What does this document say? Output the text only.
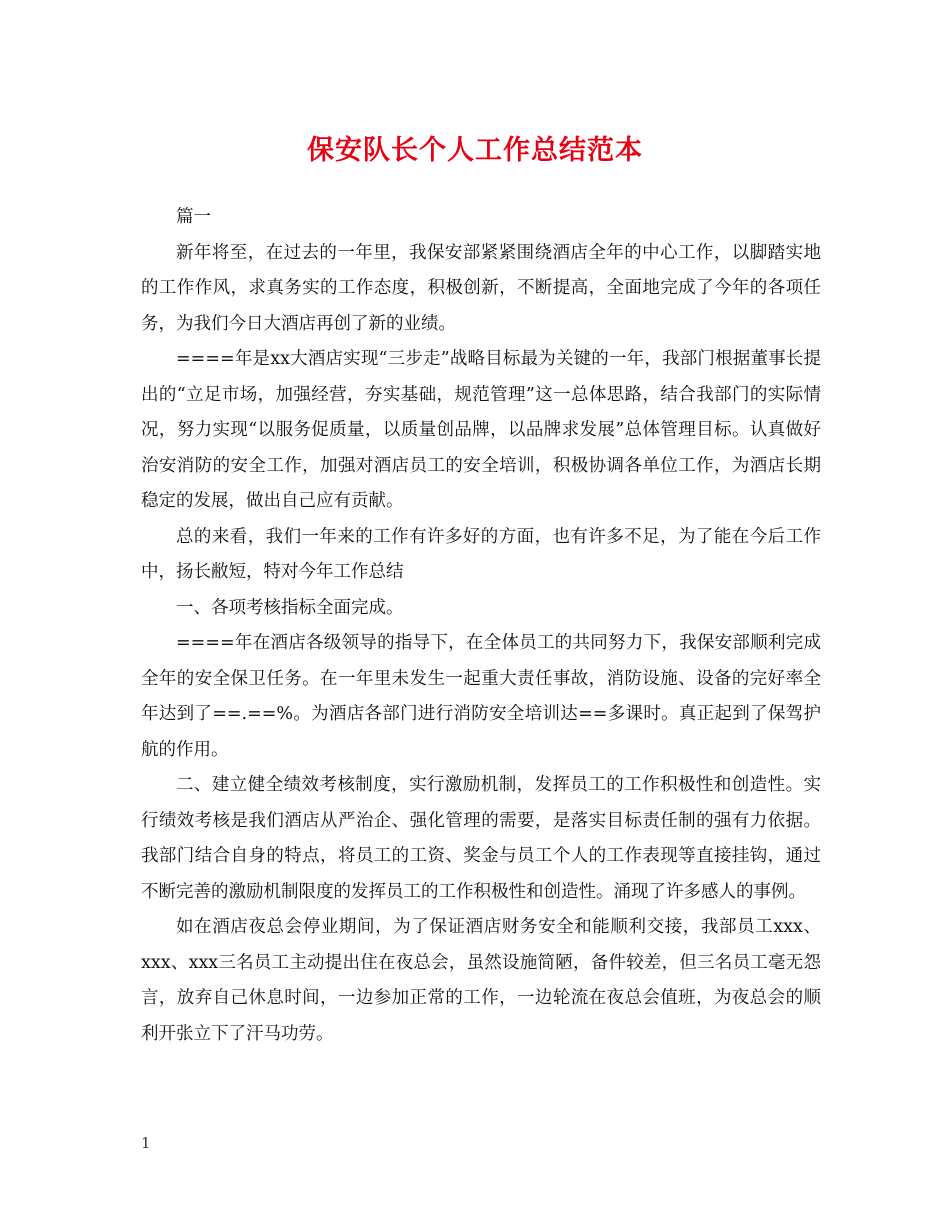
保安队长个人工作总结范本

篇一

新年将至，在过去的一年里，我保安部紧紧围绕酒店全年的中心工作，以脚踏实地的工作作风，求真务实的工作态度，积极创新，不断提高，全面地完成了今年的各项任务，为我们今日大酒店再创了新的业绩。

====年是xx大酒店实现“三步走”战略目标最为关键的一年，我部门根据董事长提出的“立足市场，加强经营，夯实基础，规范管理”这一总体思路，结合我部门的实际情况，努力实现“以服务促质量，以质量创品牌，以品牌求发展”总体管理目标。认真做好治安消防的安全工作，加强对酒店员工的安全培训，积极协调各单位工作，为酒店长期稳定的发展，做出自己应有贡献。

总的来看，我们一年来的工作有许多好的方面，也有许多不足，为了能在今后工作中，扬长敝短，特对今年工作总结

一、各项考核指标全面完成。

====年在酒店各级领导的指导下，在全体员工的共同努力下，我保安部顺利完成全年的安全保卫任务。在一年里未发生一起重大责任事故，消防设施、设备的完好率全年达到了==.==%。为酒店各部门进行消防安全培训达==多课时。真正起到了保驾护航的作用。

二、建立健全绩效考核制度，实行激励机制，发挥员工的工作积极性和创造性。实行绩效考核是我们酒店从严治企、强化管理的需要，是落实目标责任制的强有力依据。我部门结合自身的特点，将员工的工资、奖金与员工个人的工作表现等直接挂钩，通过不断完善的激励机制限度的发挥员工的工作积极性和创造性。涌现了许多感人的事例。

如在酒店夜总会停业期间，为了保证酒店财务安全和能顺利交接，我部员工xxx、xxx、xxx三名员工主动提出住在夜总会，虽然设施简陋，备件较差，但三名员工毫无怨言，放弃自己休息时间，一边参加正常的工作，一边轮流在夜总会值班，为夜总会的顺利开张立下了汗马功劳。

1
